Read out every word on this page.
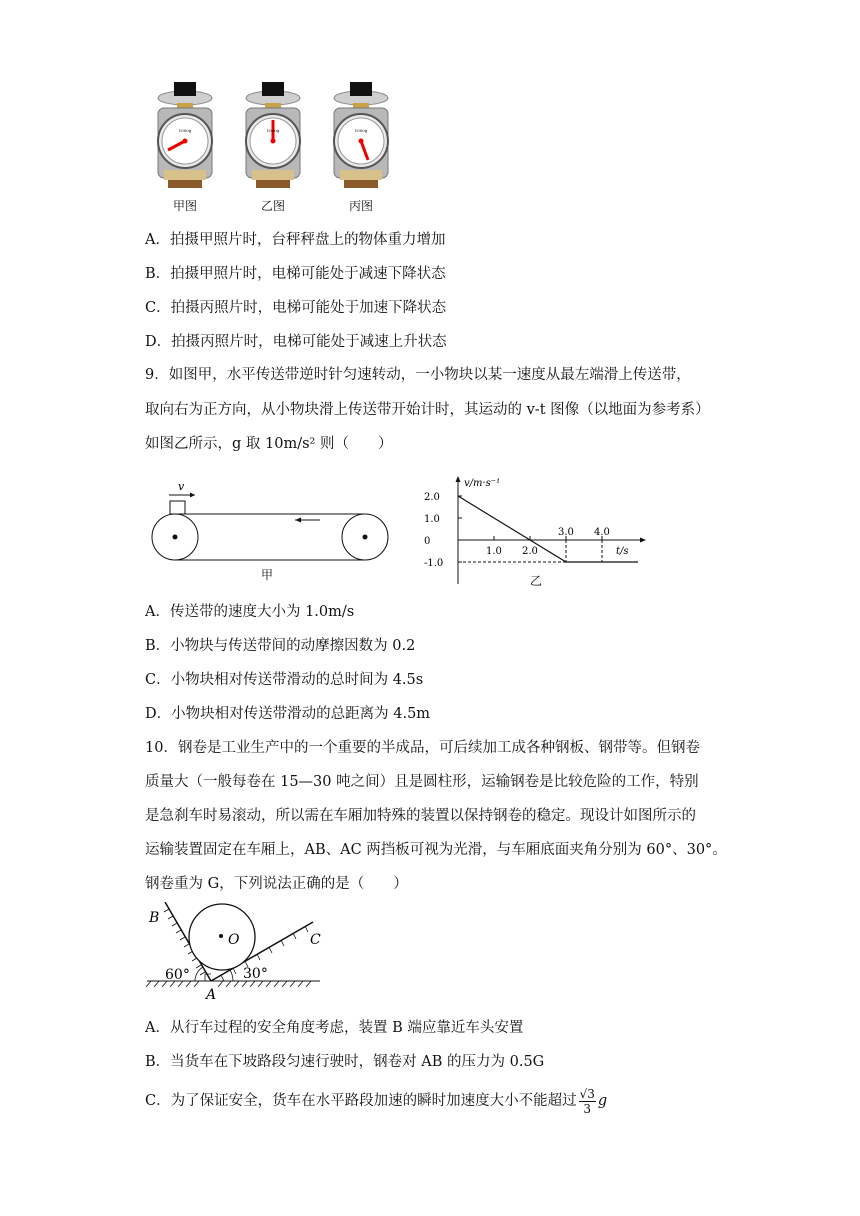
1000g	1000g	1000g
甲图	乙图	丙图
A．拍摄甲照片时，台秤秤盘上的物体重力增加
B．拍摄甲照片时，电梯可能处于减速下降状态
C．拍摄丙照片时，电梯可能处于加速下降状态
D．拍摄丙照片时，电梯可能处于减速上升状态
9．如图甲，水平传送带逆时针匀速转动，一小物块以某一速度从最左端滑上传送带，
取向右为正方向，从小物块滑上传送带开始计时，其运动的 v-t 图像（以地面为参考系）
如图乙所示，g 取 10m/s² 则（　　）
v
甲
v/m·s⁻¹
t/s
2.0
1.0
0
-1.0
1.0 2.0
3.0 4.0
乙
A．传送带的速度大小为 1.0m/s
B．小物块与传送带间的动摩擦因数为 0.2
C．小物块相对传送带滑动的总时间为 4.5s
D．小物块相对传送带滑动的总距离为 4.5m
10．钢卷是工业生产中的一个重要的半成品，可后续加工成各种钢板、钢带等。但钢卷
质量大（一般每卷在 15—30 吨之间）且是圆柱形，运输钢卷是比较危险的工作，特别
是急刹车时易滚动，所以需在车厢加特殊的装置以保持钢卷的稳定。现设计如图所示的
运输装置固定在车厢上，AB、AC 两挡板可视为光滑，与车厢底面夹角分别为 60°、30°。
钢卷重为 G，下列说法正确的是（　　）
B
C
O
A
60°	30°
A．从行车过程的安全角度考虑，装置 B 端应靠近车头安置
B．当货车在下坡路段匀速行驶时，钢卷对 AB 的压力为 0.5G
C．为了保证安全，货车在水平路段加速的瞬时加速度大小不能超过 $\frac{√3}{3}$ g
